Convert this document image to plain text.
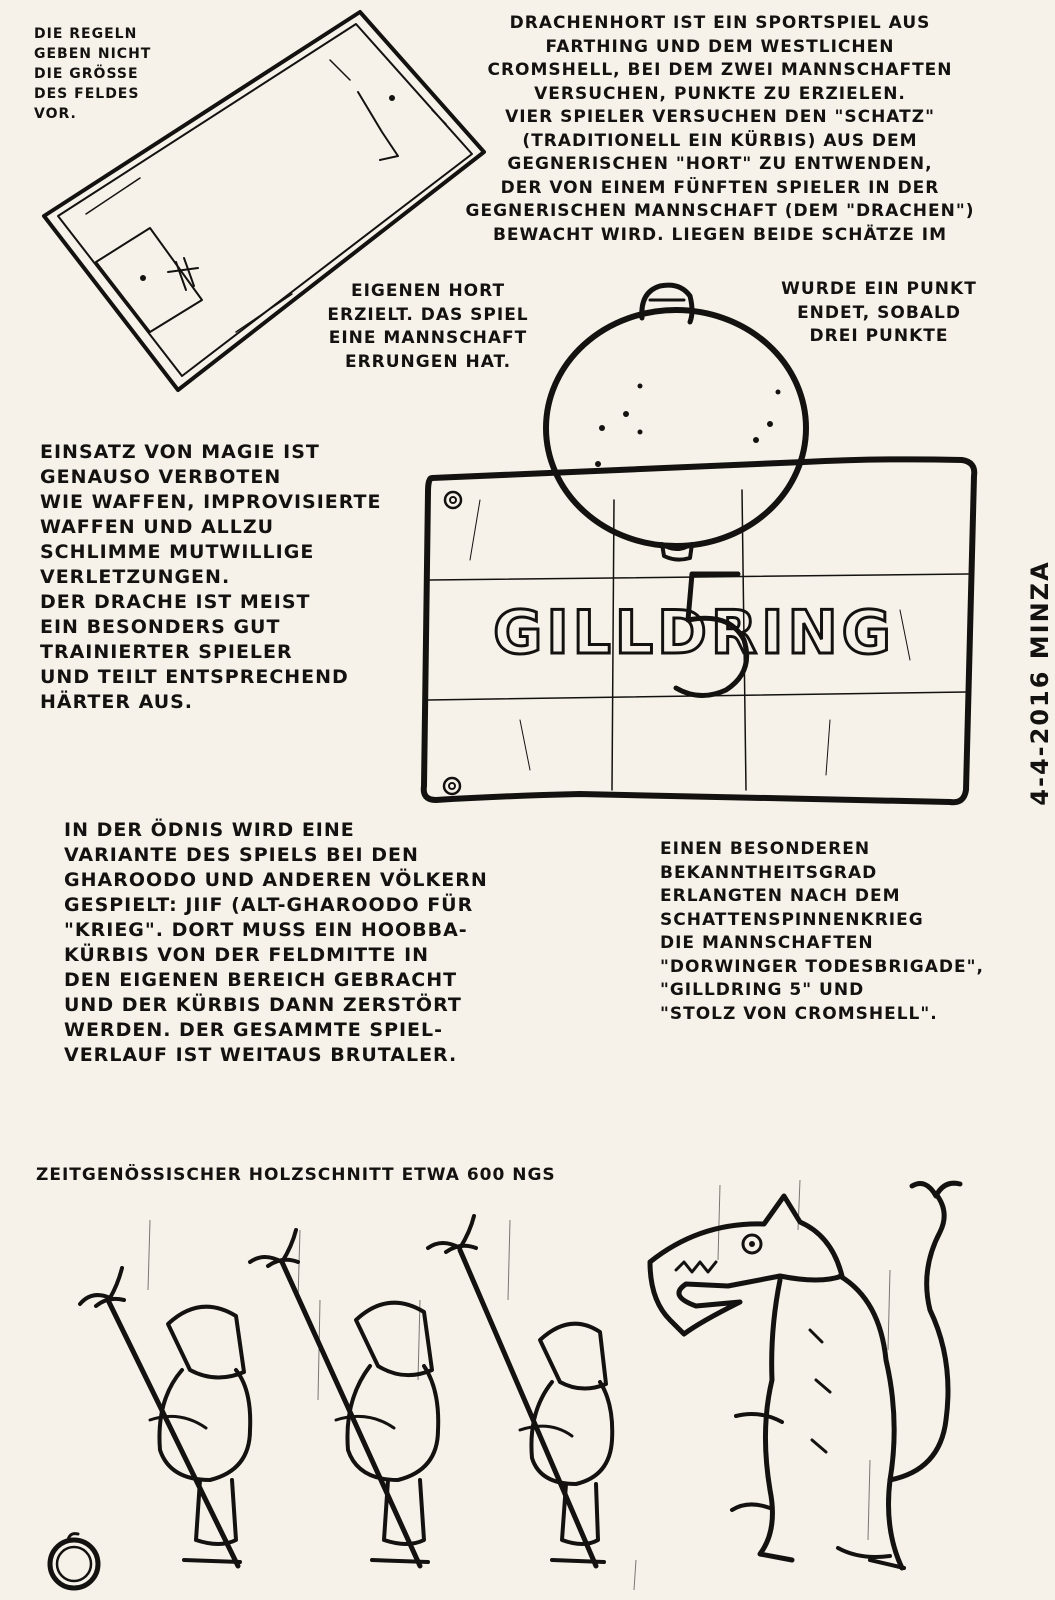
DIE REGELN
GEBEN NICHT
DIE GRÖSSE
DES FELDES
VOR.
DRACHENHORT IST EIN SPORTSPIEL AUS
FARTHING UND DEM WESTLICHEN
CROMSHELL, BEI DEM ZWEI MANNSCHAFTEN
VERSUCHEN, PUNKTE ZU ERZIELEN.
VIER SPIELER VERSUCHEN DEN "SCHATZ"
(TRADITIONELL EIN KÜRBIS) AUS DEM
GEGNERISCHEN "HORT" ZU ENTWENDEN,
DER VON EINEM FÜNFTEN SPIELER IN DER
GEGNERISCHEN MANNSCHAFT (DEM "DRACHEN")
BEWACHT WIRD. LIEGEN BEIDE SCHÄTZE IM
EIGENEN HORT
ERZIELT. DAS SPIEL
EINE MANNSCHAFT
ERRUNGEN HAT.
WURDE EIN PUNKT
ENDET, SOBALD
DREI PUNKTE
EINSATZ VON MAGIE IST
GENAUSO VERBOTEN
WIE WAFFEN, IMPROVISIERTE
WAFFEN UND ALLZU
SCHLIMME MUTWILLIGE
VERLETZUNGEN.
DER DRACHE IST MEIST
EIN BESONDERS GUT
TRAINIERTER SPIELER
UND TEILT ENTSPRECHEND
HÄRTER AUS.
GILLDRING	4-4-2016 MINZA
IN DER ÖDNIS WIRD EINE
VARIANTE DES SPIELS BEI DEN
GHAROODO UND ANDEREN VÖLKERN
GESPIELT: JIIF (ALT-GHAROODO FÜR
"KRIEG". DORT MUSS EIN HOOBBA-
KÜRBIS VON DER FELDMITTE IN
DEN EIGENEN BEREICH GEBRACHT
UND DER KÜRBIS DANN ZERSTÖRT
WERDEN. DER GESAMMTE SPIEL-
VERLAUF IST WEITAUS BRUTALER.
EINEN BESONDEREN
BEKANNTHEITSGRAD
ERLANGTEN NACH DEM
SCHATTENSPINNENKRIEG
DIE MANNSCHAFTEN
"DORWINGER TODESBRIGADE",
"GILLDRING 5" UND
"STOLZ VON CROMSHELL".
ZEITGENÖSSISCHER HOLZSCHNITT ETWA 600 NGS
